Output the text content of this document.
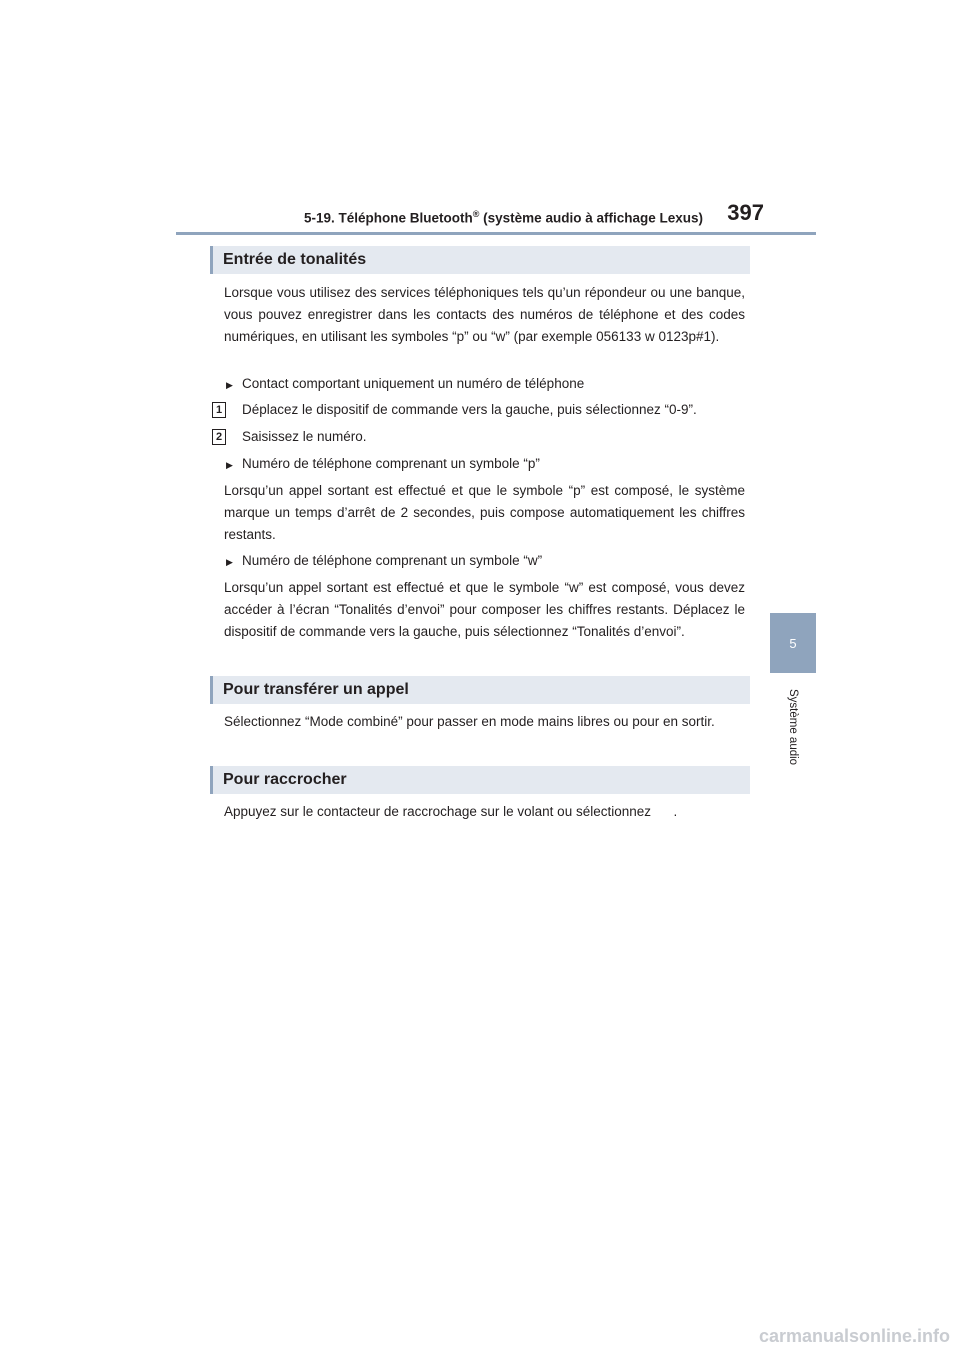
5-19. Téléphone Bluetooth® (système audio à affichage Lexus)	397
5
Système audio
Entrée de tonalités

Lorsque vous utilisez des services téléphoniques tels qu’un répondeur ou une banque, vous pouvez enregistrer dans les contacts des numéros de téléphone et des codes numériques, en utilisant les symboles “p” ou “w” (par exemple 056133 w 0123p#1).

▶ Contact comportant uniquement un numéro de téléphone
1 Déplacez le dispositif de commande vers la gauche, puis sélectionnez “0-9”.
2 Saisissez le numéro.
▶ Numéro de téléphone comprenant un symbole “p”

Lorsqu’un appel sortant est effectué et que le symbole “p” est composé, le système marque un temps d’arrêt de 2 secondes, puis compose automatiquement les chiffres restants.

▶ Numéro de téléphone comprenant un symbole “w”

Lorsqu’un appel sortant est effectué et que le symbole “w” est composé, vous devez accéder à l’écran “Tonalités d’envoi” pour composer les chiffres restants. Déplacez le dispositif de commande vers la gauche, puis sélectionnez “Tonalités d’envoi”.

Pour transférer un appel

Sélectionnez “Mode combiné” pour passer en mode mains libres ou pour en sortir.

Pour raccrocher

Appuyez sur le contacteur de raccrochage sur le volant ou sélectionnez      .

carmanualsonline.info
